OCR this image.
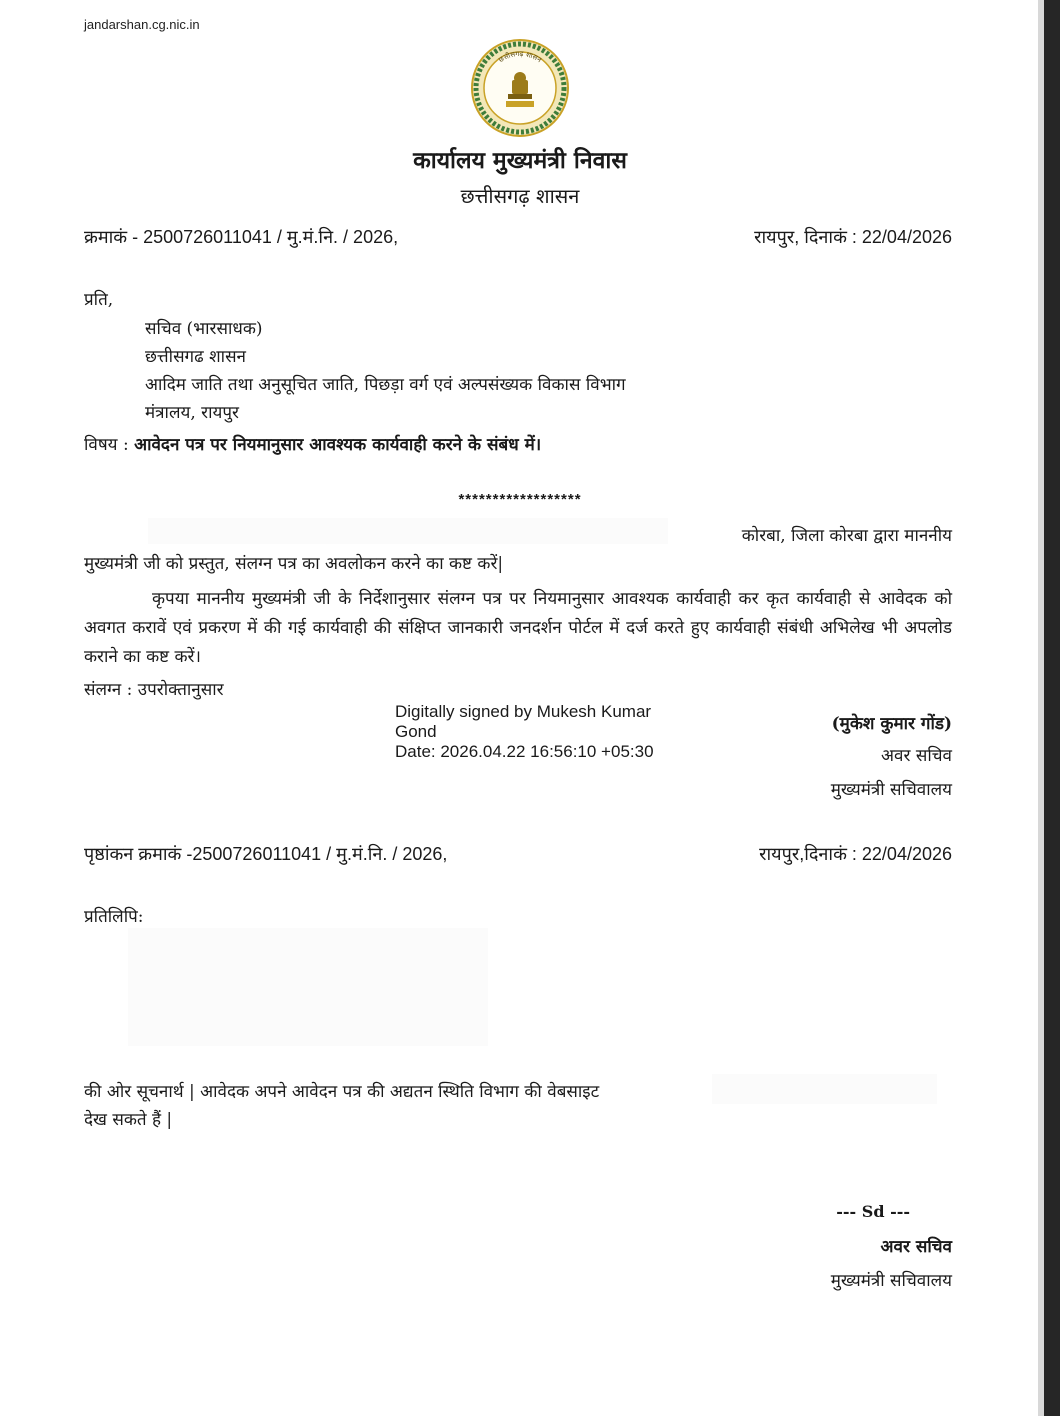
jandarshan.cg.nic.in
छत्तीसगढ़ शासन
कार्यालय मुख्यमंत्री निवास
छत्तीसगढ़ शासन
क्रमाकं - 2500726011041 / मु.मं.नि. / 2026,	रायपुर, दिनाकं : 22/04/2026
प्रति,
सचिव (भारसाधक)
छत्तीसगढ शासन
आदिम जाति तथा अनुसूचित जाति, पिछड़ा वर्ग एवं अल्पसंख्यक विकास विभाग
मंत्रालय, रायपुर
विषय : आवेदन पत्र पर नियमानुसार आवश्यक कार्यवाही करने के संबंध में।
******************
कोरबा, जिला कोरबा द्वारा माननीय
मुख्यमंत्री जी को प्रस्तुत, संलग्न पत्र का अवलोकन करने का कष्ट करें|
कृपया माननीय मुख्यमंत्री जी के निर्देशानुसार संलग्न पत्र पर नियमानुसार आवश्यक कार्यवाही कर कृत कार्यवाही से आवेदक को अवगत करावें एवं प्रकरण में की गई कार्यवाही की संक्षिप्त जानकारी जनदर्शन पोर्टल में दर्ज करते हुए कार्यवाही संबंधी अभिलेख भी अपलोड कराने का कष्ट करें।
संलग्न : उपरोक्तानुसार
Digitally signed by Mukesh Kumar
Gond
Date: 2026.04.22 16:56:10 +05:30
(मुकेश कुमार गोंड)
अवर सचिव
मुख्यमंत्री सचिवालय
पृष्ठांकन क्रमाकं -2500726011041 / मु.मं.नि. / 2026,	रायपुर,दिनाकं : 22/04/2026
प्रतिलिपि:
की ओर सूचनार्थ | आवेदक अपने आवेदन पत्र की अद्यतन स्थिति विभाग की वेबसाइट
देख सकते हैं |
--- Sd ---
अवर सचिव
मुख्यमंत्री सचिवालय
